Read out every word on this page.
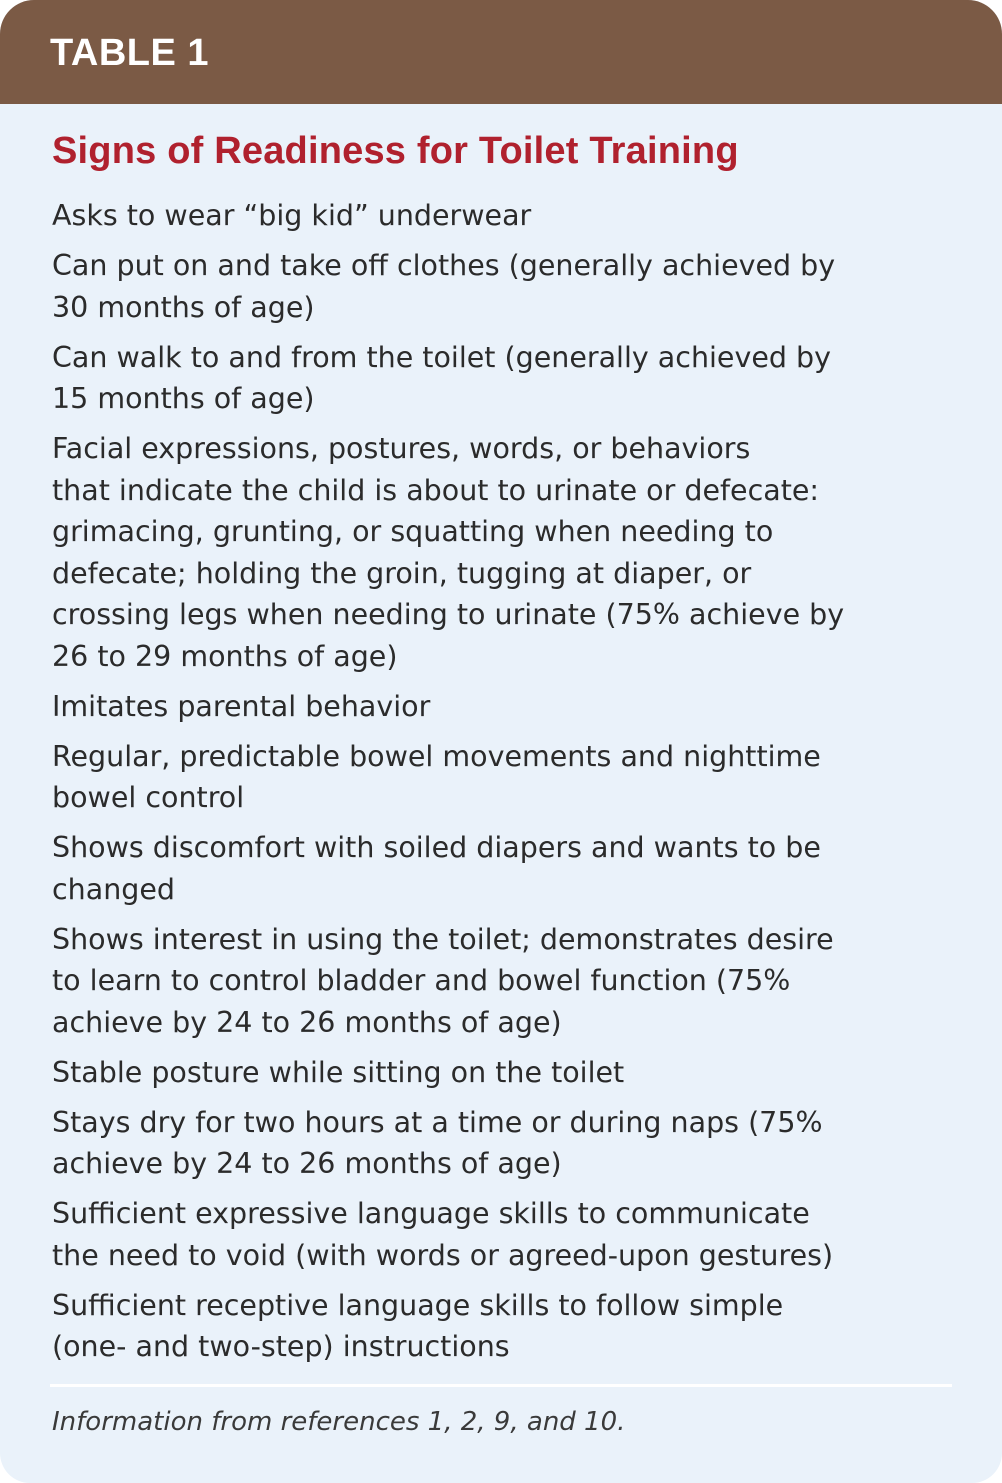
TABLE 1
Signs of Readiness for Toilet Training
Asks to wear “big kid” underwear
Can put on and take off clothes (generally achieved by
30 months of age)
Can walk to and from the toilet (generally achieved by
15 months of age)
Facial expressions, postures, words, or behaviors
that indicate the child is about to urinate or defecate:
grimacing, grunting, or squatting when needing to
defecate; holding the groin, tugging at diaper, or
crossing legs when needing to urinate (75% achieve by
26 to 29 months of age)
Imitates parental behavior
Regular, predictable bowel movements and nighttime
bowel control
Shows discomfort with soiled diapers and wants to be
changed
Shows interest in using the toilet; demonstrates desire
to learn to control bladder and bowel function (75%
achieve by 24 to 26 months of age)
Stable posture while sitting on the toilet
Stays dry for two hours at a time or during naps (75%
achieve by 24 to 26 months of age)
Sufficient expressive language skills to communicate
the need to void (with words or agreed-upon gestures)
Sufficient receptive language skills to follow simple
(one- and two-step) instructions

Information from references 1, 2, 9, and 10.
